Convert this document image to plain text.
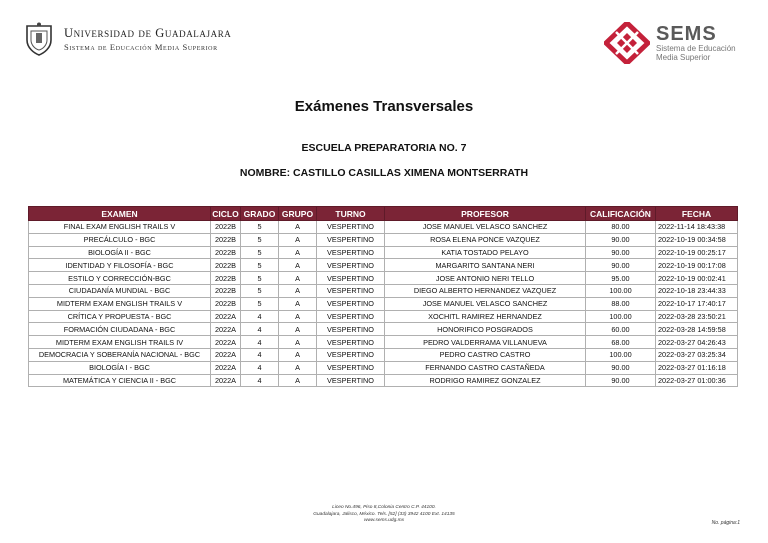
Universidad de Guadalajara
Sistema de Educación Media Superior
SEMS
Sistema de Educación
Media Superior
Exámenes Transversales
ESCUELA PREPARATORIA NO. 7
NOMBRE: CASTILLO CASILLAS XIMENA MONTSERRATH
EXAMEN	CICLO	GRADO	GRUPO	TURNO	PROFESOR	CALIFICACIÓN	FECHA
FINAL EXAM ENGLISH TRAILS V	2022B	5	A	VESPERTINO	JOSE MANUEL VELASCO SANCHEZ	80.00	2022-11-14 18:43:38
PRECÁLCULO - BGC	2022B	5	A	VESPERTINO	ROSA ELENA PONCE VAZQUEZ	90.00	2022-10-19 00:34:58
BIOLOGÍA II - BGC	2022B	5	A	VESPERTINO	KATIA TOSTADO PELAYO	90.00	2022-10-19 00:25:17
IDENTIDAD Y FILOSOFÍA - BGC	2022B	5	A	VESPERTINO	MARGARITO SANTANA NERI	90.00	2022-10-19 00:17:08
ESTILO Y CORRECCIÓN-BGC	2022B	5	A	VESPERTINO	JOSE ANTONIO NERI TELLO	95.00	2022-10-19 00:02:41
CIUDADANÍA MUNDIAL - BGC	2022B	5	A	VESPERTINO	DIEGO ALBERTO HERNANDEZ VAZQUEZ	100.00	2022-10-18 23:44:33
MIDTERM EXAM ENGLISH TRAILS V	2022B	5	A	VESPERTINO	JOSE MANUEL VELASCO SANCHEZ	88.00	2022-10-17 17:40:17
CRÍTICA Y PROPUESTA - BGC	2022A	4	A	VESPERTINO	XOCHITL RAMIREZ HERNANDEZ	100.00	2022-03-28 23:50:21
FORMACIÓN CIUDADANA - BGC	2022A	4	A	VESPERTINO	HONORIFICO POSGRADOS	60.00	2022-03-28 14:59:58
MIDTERM EXAM ENGLISH TRAILS IV	2022A	4	A	VESPERTINO	PEDRO VALDERRAMA VILLANUEVA	68.00	2022-03-27 04:26:43
DEMOCRACIA Y SOBERANÍA NACIONAL - BGC	2022A	4	A	VESPERTINO	PEDRO CASTRO CASTRO	100.00	2022-03-27 03:25:34
BIOLOGÍA I - BGC	2022A	4	A	VESPERTINO	FERNANDO CASTRO CASTAÑEDA	90.00	2022-03-27 01:16:18
MATEMÁTICA Y CIENCIA II - BGC	2022A	4	A	VESPERTINO	RODRIGO RAMIREZ GONZALEZ	90.00	2022-03-27 01:00:36
Liceo No.496, Piso 8,Colonia Centro C.P. 44100.
Guadalajara, Jalisco, México. Tels. [52] (33) 3942 4100 Ext. 14135
www.sems.udg.mx	No. página:1
